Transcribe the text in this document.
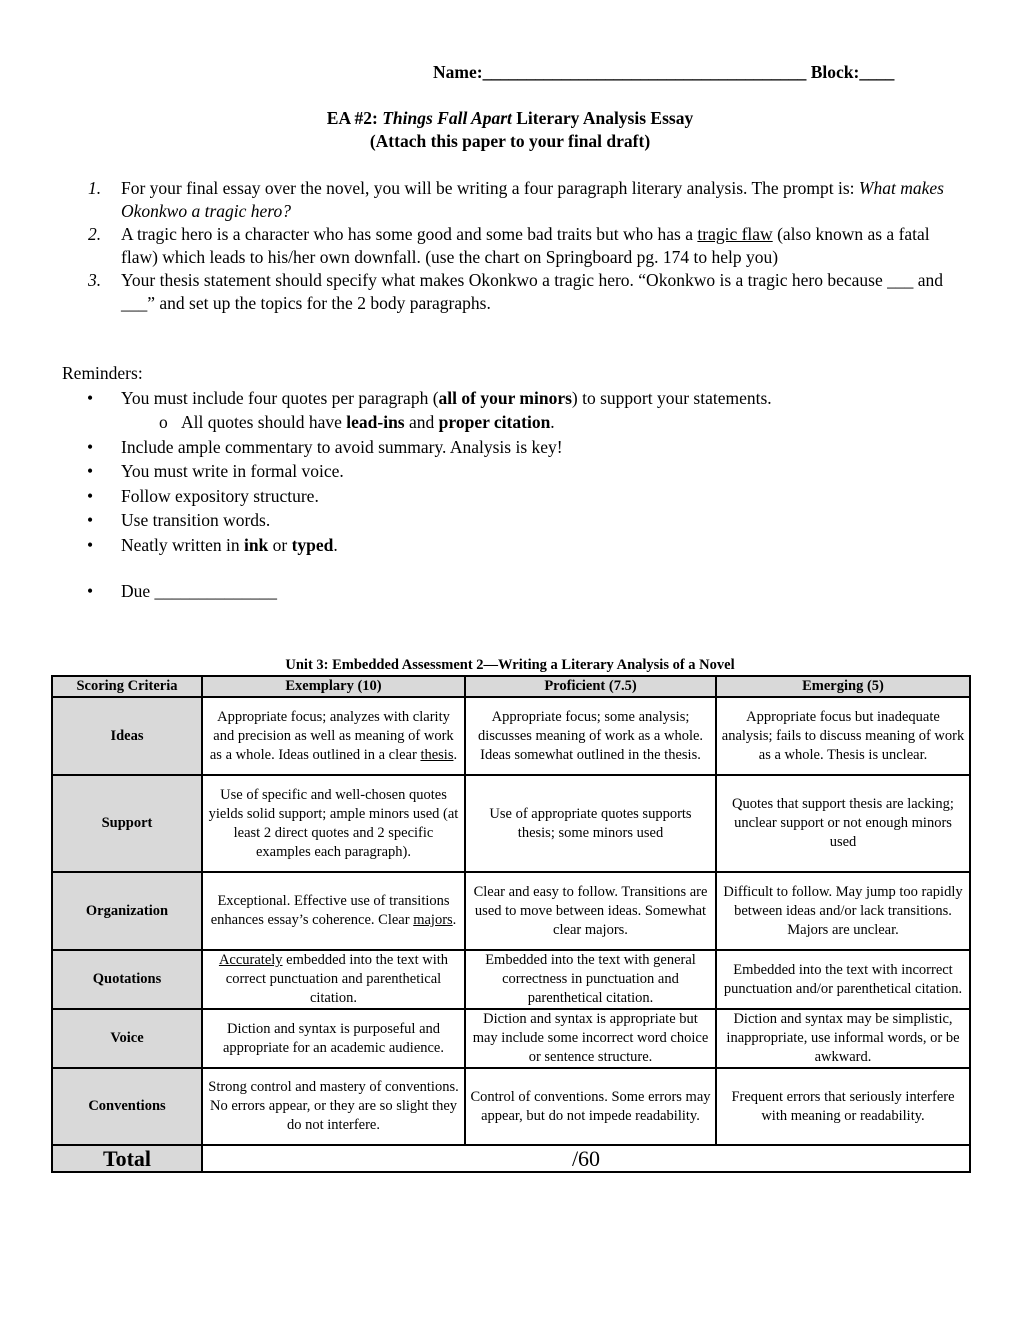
Name:_____________________________________ Block:____
EA #2: Things Fall Apart Literary Analysis Essay
(Attach this paper to your final draft)
1. For your final essay over the novel, you will be writing a four paragraph literary analysis. The prompt is: What makes Okonkwo a tragic hero?
2. A tragic hero is a character who has some good and some bad traits but who has a tragic flaw (also known as a fatal flaw) which leads to his/her own downfall. (use the chart on Springboard pg. 174 to help you)
3. Your thesis statement should specify what makes Okonkwo a tragic hero. “Okonkwo is a tragic hero because ___ and ___” and set up the topics for the 2 body paragraphs.
Reminders:
• You must include four quotes per paragraph (all of your minors) to support your statements.
o All quotes should have lead-ins and proper citation.
• Include ample commentary to avoid summary. Analysis is key!
• You must write in formal voice.
• Follow expository structure.
• Use transition words.
• Neatly written in ink or typed.
• Due ______________
Unit 3: Embedded Assessment 2—Writing a Literary Analysis of a Novel
Scoring Criteria	Exemplary (10)	Proficient (7.5)	Emerging (5)
Ideas	Appropriate focus; analyzes with clarity and precision as well as meaning of work as a whole. Ideas outlined in a clear thesis.	Appropriate focus; some analysis; discusses meaning of work as a whole. Ideas somewhat outlined in the thesis.	Appropriate focus but inadequate analysis; fails to discuss meaning of work as a whole. Thesis is unclear.
Support	Use of specific and well-chosen quotes yields solid support; ample minors used (at least 2 direct quotes and 2 specific examples each paragraph).	Use of appropriate quotes supports thesis; some minors used	Quotes that support thesis are lacking; unclear support or not enough minors used
Organization	Exceptional. Effective use of transitions enhances essay’s coherence. Clear majors.	Clear and easy to follow. Transitions are used to move between ideas. Somewhat clear majors.	Difficult to follow. May jump too rapidly between ideas and/or lack transitions. Majors are unclear.
Quotations	Accurately embedded into the text with correct punctuation and parenthetical citation.	Embedded into the text with general correctness in punctuation and parenthetical citation.	Embedded into the text with incorrect punctuation and/or parenthetical citation.
Voice	Diction and syntax is purposeful and appropriate for an academic audience.	Diction and syntax is appropriate but may include some incorrect word choice or sentence structure.	Diction and syntax may be simplistic, inappropriate, use informal words, or be awkward.
Conventions	Strong control and mastery of conventions. No errors appear, or they are so slight they do not interfere.	Control of conventions. Some errors may appear, but do not impede readability.	Frequent errors that seriously interfere with meaning or readability.
Total	/60		
